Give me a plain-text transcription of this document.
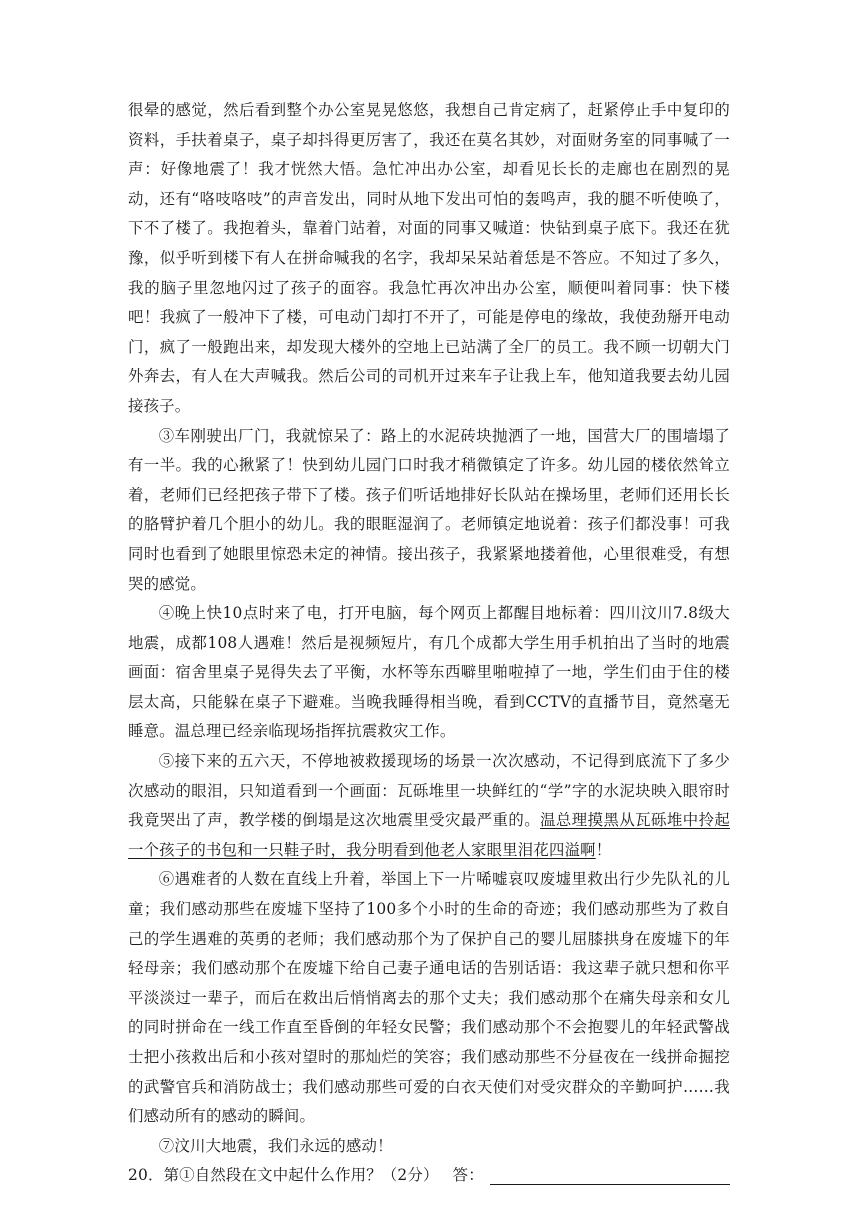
很晕的感觉，然后看到整个办公室晃晃悠悠，我想自己肯定病了，赶紧停止手中复印的资料，手扶着桌子，桌子却抖得更厉害了，我还在莫名其妙，对面财务室的同事喊了一声：好像地震了！我才恍然大悟。急忙冲出办公室，却看见长长的走廊也在剧烈的晃动，还有“咯吱咯吱”的声音发出，同时从地下发出可怕的轰鸣声，我的腿不听使唤了，下不了楼了。我抱着头，靠着门站着，对面的同事又喊道：快钻到桌子底下。我还在犹豫，似乎听到楼下有人在拼命喊我的名字，我却呆呆站着恁是不答应。不知过了多久，我的脑子里忽地闪过了孩子的面容。我急忙再次冲出办公室，顺便叫着同事：快下楼吧！我疯了一般冲下了楼，可电动门却打不开了，可能是停电的缘故，我使劲掰开电动门，疯了一般跑出来，却发现大楼外的空地上已站满了全厂的员工。我不顾一切朝大门外奔去，有人在大声喊我。然后公司的司机开过来车子让我上车，他知道我要去幼儿园接孩子。

③车刚驶出厂门，我就惊呆了：路上的水泥砖块抛洒了一地，国营大厂的围墙塌了有一半。我的心揪紧了！快到幼儿园门口时我才稍微镇定了许多。幼儿园的楼依然耸立着，老师们已经把孩子带下了楼。孩子们听话地排好长队站在操场里，老师们还用长长的胳臂护着几个胆小的幼儿。我的眼眶湿润了。老师镇定地说着：孩子们都没事！可我同时也看到了她眼里惊恐未定的神情。接出孩子，我紧紧地搂着他，心里很难受，有想哭的感觉。

④晚上快10点时来了电，打开电脑，每个网页上都醒目地标着：四川汶川7.8级大地震，成都108人遇难！然后是视频短片，有几个成都大学生用手机拍出了当时的地震画面：宿舍里桌子晃得失去了平衡，水杯等东西噼里啪啦掉了一地，学生们由于住的楼层太高，只能躲在桌子下避难。当晚我睡得相当晚，看到CCTV的直播节目，竟然毫无睡意。温总理已经亲临现场指挥抗震救灾工作。

⑤接下来的五六天，不停地被救援现场的场景一次次感动，不记得到底流下了多少次感动的眼泪，只知道看到一个画面：瓦砾堆里一块鲜红的“学”字的水泥块映入眼帘时我竟哭出了声，教学楼的倒塌是这次地震里受灾最严重的。温总理摸黑从瓦砾堆中拎起一个孩子的书包和一只鞋子时，我分明看到他老人家眼里泪花四溢啊！

⑥遇难者的人数在直线上升着，举国上下一片唏嘘哀叹废墟里救出行少先队礼的儿童；我们感动那些在废墟下坚持了100多个小时的生命的奇迹；我们感动那些为了救自己的学生遇难的英勇的老师；我们感动那个为了保护自己的婴儿屈膝拱身在废墟下的年轻母亲；我们感动那个在废墟下给自己妻子通电话的告别话语：我这辈子就只想和你平平淡淡过一辈子，而后在救出后悄悄离去的那个丈夫；我们感动那个在痛失母亲和女儿的同时拼命在一线工作直至昏倒的年轻女民警；我们感动那个不会抱婴儿的年轻武警战士把小孩救出后和小孩对望时的那灿烂的笑容；我们感动那些不分昼夜在一线拼命掘挖的武警官兵和消防战士；我们感动那些可爱的白衣天使们对受灾群众的辛勤呵护……我们感动所有的感动的瞬间。

⑦汶川大地震，我们永远的感动！

20．第①自然段在文中起什么作用？（2分） 答：
